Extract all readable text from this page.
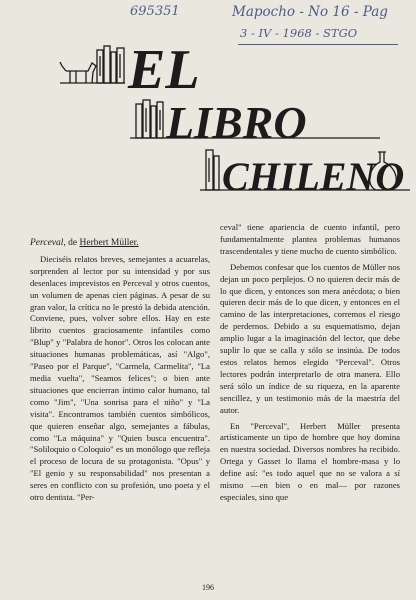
695351	Mapocho - No 16 - Pag
3 - IV - 1968 - STGO
EL
LIBRO
CHILENO

Perceval, de Herbert Müller.

Dieciséis relatos breves, semejantes a acuarelas, sorprenden al lector por su intensidad y por sus desenlaces imprevistos en Perceval y otros cuentos, un volumen de apenas cien páginas. A pesar de su gran valor, la crítica no le prestó la debida atención. Conviene, pues, volver sobre ellos. Hay en este librito cuentos graciosamente infantiles como "Blup" y "Palabra de honor". Otros los colocan ante situaciones humanas problemáticas, así "Algo", "Paseo por el Parque", "Carmela, Carmelita", "La media vuelta", "Seamos felices"; o bien ante situaciones que encierran íntimo calor humano, tal como "Jim", "Una sonrisa para el niño" y "La visita". Encontramos también cuentos simbólicos, que quieren enseñar algo, semejantes a fábulas, como "La máquina" y "Quien busca encuentra". "Soliloquio o Coloquio" es un monólogo que refleja el proceso de locura de su protagonista. "Opus" y "El genio y su responsabilidad" nos presentan a seres en conflicto con su profesión, uno poeta y el otro dentista. "Per-

ceval" tiene apariencia de cuento infantil, pero fundamentalmente plantea problemas humanos trascendentales y tiene mucho de cuento simbólico.

Debemos confesar que los cuentos de Müller nos dejan un poco perplejos. O no quieren decir más de lo que dicen, y entonces son mera anécdota; o bien quieren decir más de lo que dicen, y entonces en el camino de las interpretaciones, corremos el riesgo de perdernos. Debido a su esquematismo, dejan amplio lugar a la imaginación del lector, que debe suplir lo que se calla y sólo se insinúa. De todos estos relatos hemos elegido "Perceval". Otros lectores podrán interpretarlo de otra manera. Ello será sólo un índice de su riqueza, en la aparente sencillez, y un testimonio más de la maestría del autor.

En "Perceval", Herbert Müller presenta artísticamente un tipo de hombre que hoy domina en nuestra sociedad. Diversos nombres ha recibido. Ortega y Gasset lo llama el hombre-masa y lo define así: "es todo aquel que no se valora a sí mismo —en bien o en mal— por razones especiales, sino que

196
